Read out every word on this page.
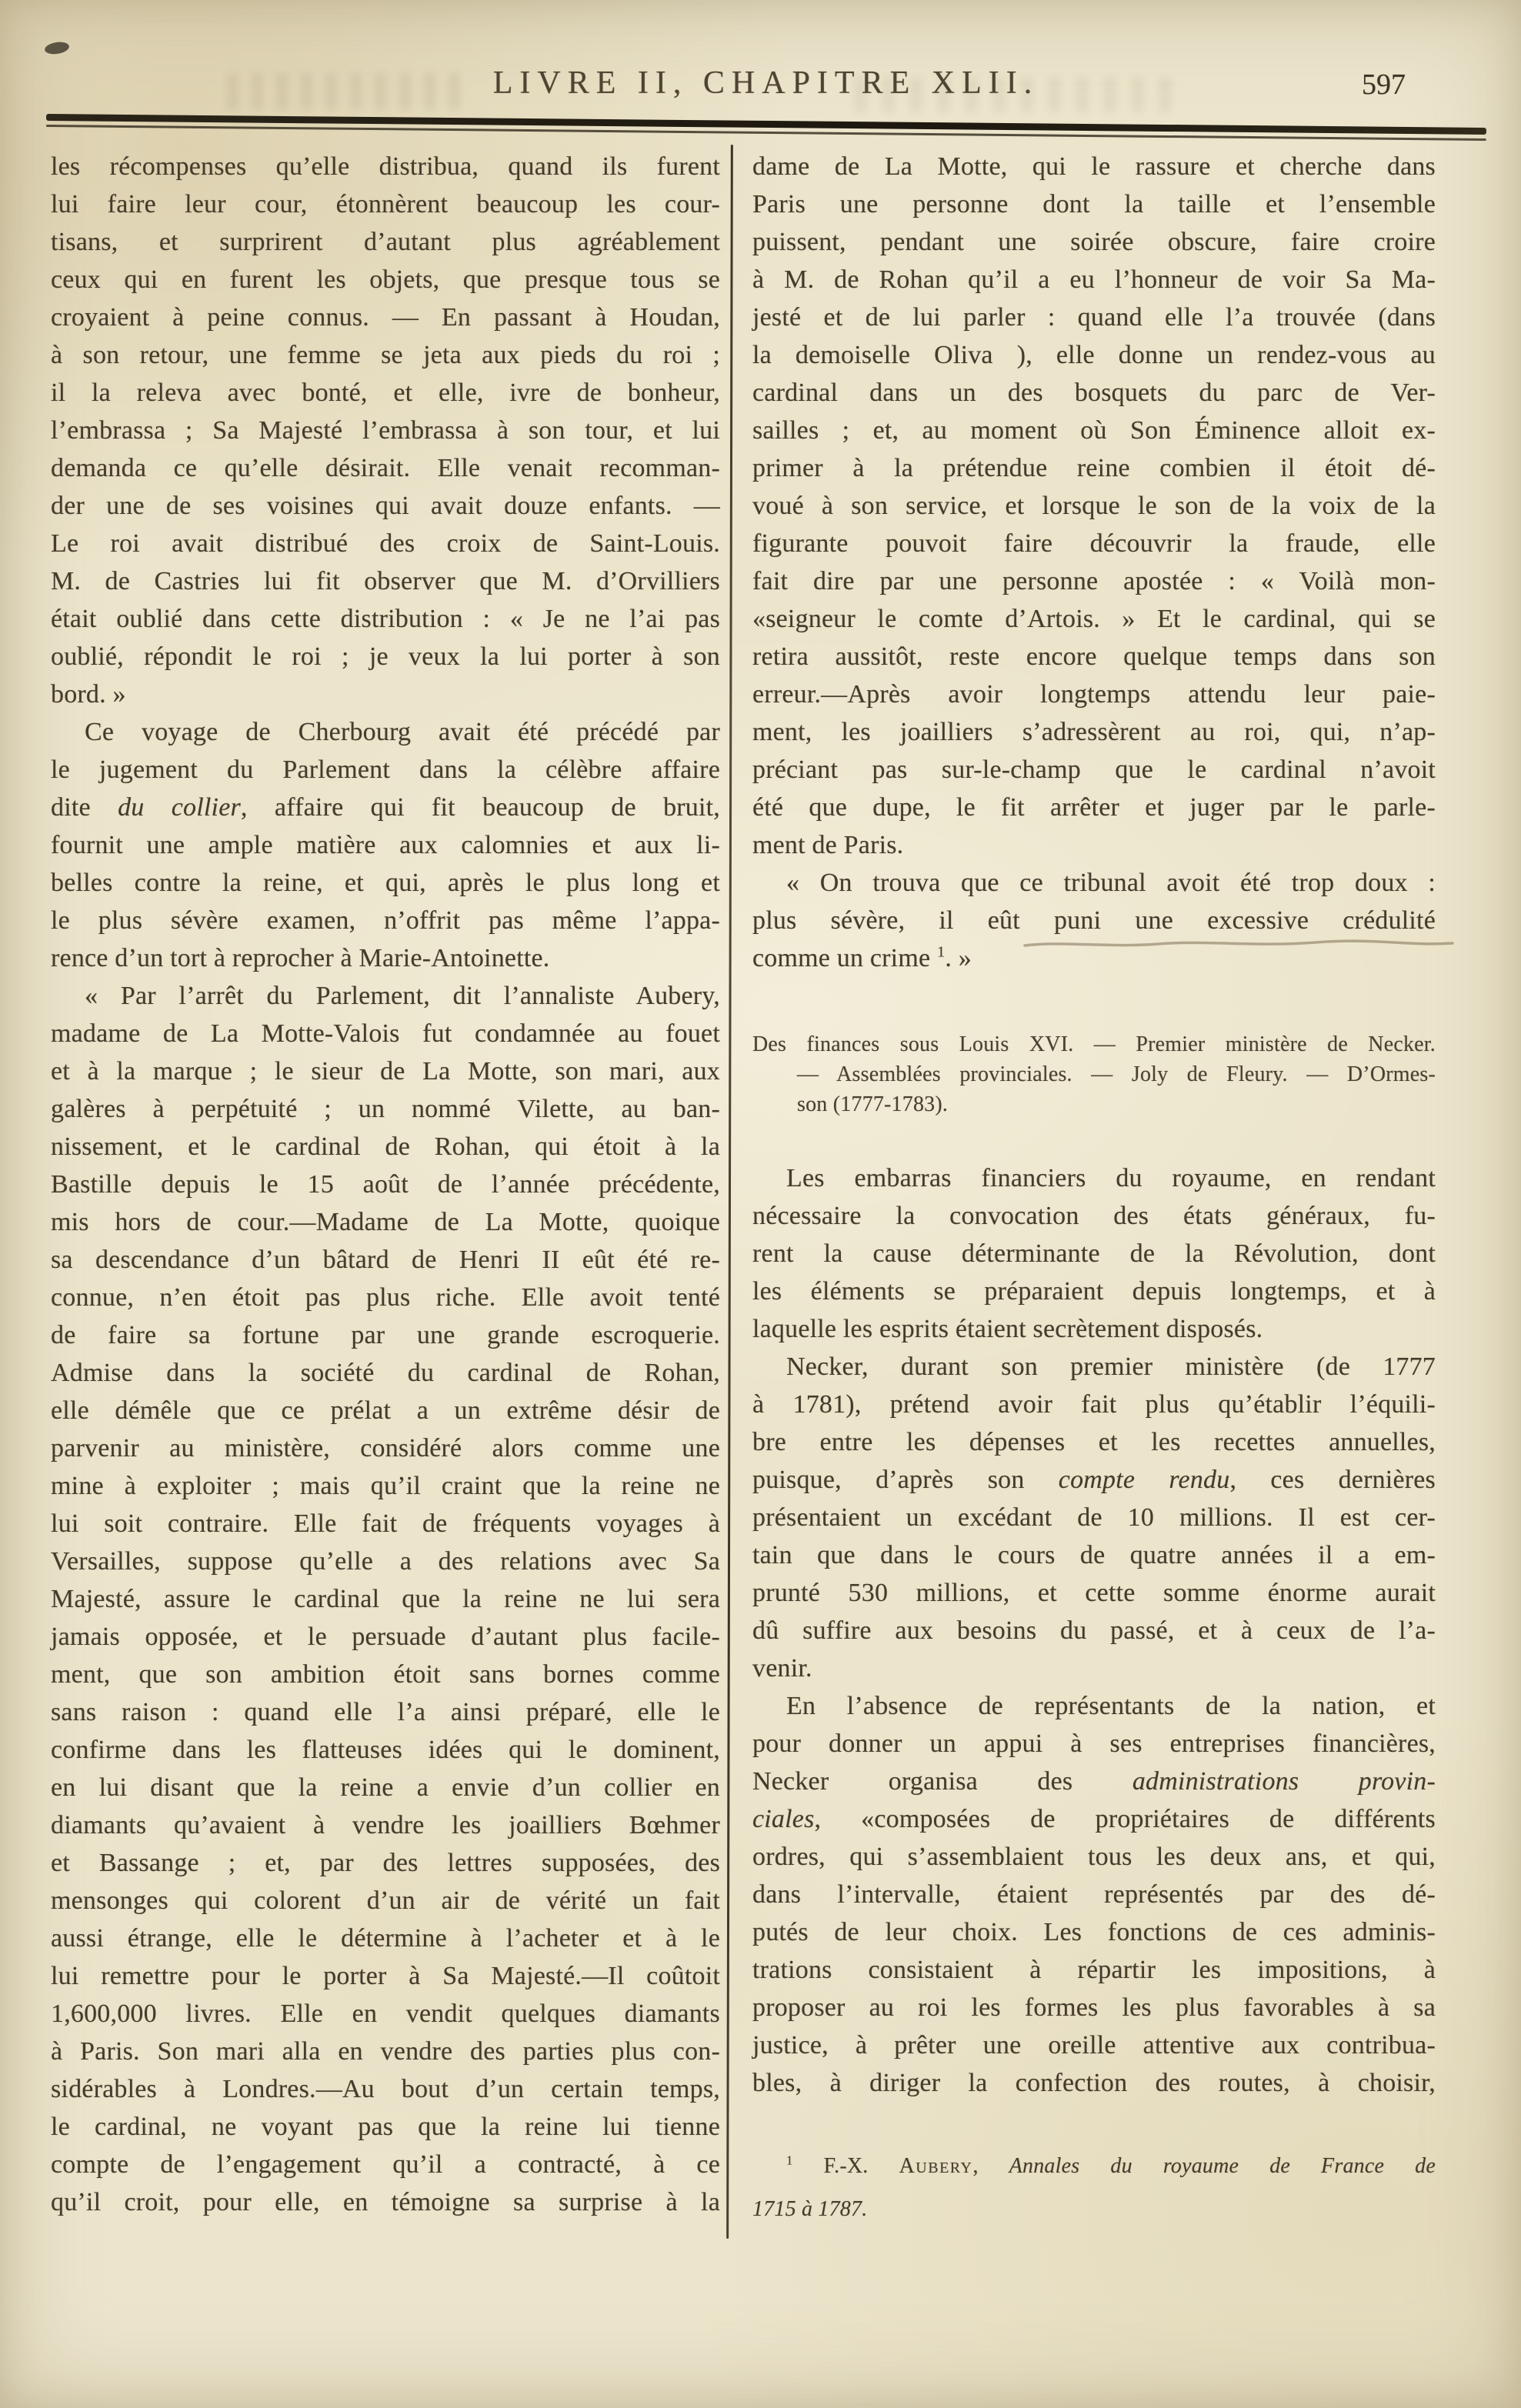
LIVRE II, CHAPITRE XLII.	597
les récompenses qu’elle distribua, quand ils furent
lui faire leur cour, étonnèrent beaucoup les cour-
tisans, et surprirent d’autant plus agréablement
ceux qui en furent les objets, que presque tous se
croyaient à peine connus. — En passant à Houdan,
à son retour, une femme se jeta aux pieds du roi ;
il la releva avec bonté, et elle, ivre de bonheur,
l’embrassa ; Sa Majesté l’embrassa à son tour, et lui
demanda ce qu’elle désirait. Elle venait recomman-
der une de ses voisines qui avait douze enfants. —
Le roi avait distribué des croix de Saint-Louis.
M. de Castries lui fit observer que M. d’Orvilliers
était oublié dans cette distribution : « Je ne l’ai pas
oublié, répondit le roi ; je veux la lui porter à son
bord. »
Ce voyage de Cherbourg avait été précédé par
le jugement du Parlement dans la célèbre affaire
dite du collier, affaire qui fit beaucoup de bruit,
fournit une ample matière aux calomnies et aux li-
belles contre la reine, et qui, après le plus long et
le plus sévère examen, n’offrit pas même l’appa-
rence d’un tort à reprocher à Marie-Antoinette.
« Par l’arrêt du Parlement, dit l’annaliste Aubery,
madame de La Motte-Valois fut condamnée au fouet
et à la marque ; le sieur de La Motte, son mari, aux
galères à perpétuité ; un nommé Vilette, au ban-
nissement, et le cardinal de Rohan, qui étoit à la
Bastille depuis le 15 août de l’année précédente,
mis hors de cour.—Madame de La Motte, quoique
sa descendance d’un bâtard de Henri II eût été re-
connue, n’en étoit pas plus riche. Elle avoit tenté
de faire sa fortune par une grande escroquerie.
Admise dans la société du cardinal de Rohan,
elle démêle que ce prélat a un extrême désir de
parvenir au ministère, considéré alors comme une
mine à exploiter ; mais qu’il craint que la reine ne
lui soit contraire. Elle fait de fréquents voyages à
Versailles, suppose qu’elle a des relations avec Sa
Majesté, assure le cardinal que la reine ne lui sera
jamais opposée, et le persuade d’autant plus facile-
ment, que son ambition étoit sans bornes comme
sans raison : quand elle l’a ainsi préparé, elle le
confirme dans les flatteuses idées qui le dominent,
en lui disant que la reine a envie d’un collier en
diamants qu’avaient à vendre les joailliers Bœhmer
et Bassange ; et, par des lettres supposées, des
mensonges qui colorent d’un air de vérité un fait
aussi étrange, elle le détermine à l’acheter et à le
lui remettre pour le porter à Sa Majesté.—Il coûtoit
1,600,000 livres. Elle en vendit quelques diamants
à Paris. Son mari alla en vendre des parties plus con-
sidérables à Londres.—Au bout d’un certain temps,
le cardinal, ne voyant pas que la reine lui tienne
compte de l’engagement qu’il a contracté, à ce
qu’il croit, pour elle, en témoigne sa surprise à la
dame de La Motte, qui le rassure et cherche dans
Paris une personne dont la taille et l’ensemble
puissent, pendant une soirée obscure, faire croire
à M. de Rohan qu’il a eu l’honneur de voir Sa Ma-
jesté et de lui parler : quand elle l’a trouvée (dans
la demoiselle Oliva ), elle donne un rendez-vous au
cardinal dans un des bosquets du parc de Ver-
sailles ; et, au moment où Son Éminence alloit ex-
primer à la prétendue reine combien il étoit dé-
voué à son service, et lorsque le son de la voix de la
figurante pouvoit faire découvrir la fraude, elle
fait dire par une personne apostée : « Voilà mon-
«seigneur le comte d’Artois. » Et le cardinal, qui se
retira aussitôt, reste encore quelque temps dans son
erreur.—Après avoir longtemps attendu leur paie-
ment, les joailliers s’adressèrent au roi, qui, n’ap-
préciant pas sur-le-champ que le cardinal n’avoit
été que dupe, le fit arrêter et juger par le parle-
ment de Paris.
« On trouva que ce tribunal avoit été trop doux :
plus sévère, il eût puni une excessive crédulité
comme un crime $^1$. »
Des finances sous Louis XVI. — Premier ministère de Necker.
— Assemblées provinciales. — Joly de Fleury. — D’Ormes-
son (1777-1783).
Les embarras financiers du royaume, en rendant
nécessaire la convocation des états généraux, fu-
rent la cause déterminante de la Révolution, dont
les éléments se préparaient depuis longtemps, et à
laquelle les esprits étaient secrètement disposés.
Necker, durant son premier ministère (de 1777
à 1781), prétend avoir fait plus qu’établir l’équili-
bre entre les dépenses et les recettes annuelles,
puisque, d’après son compte rendu, ces dernières
présentaient un excédant de 10 millions. Il est cer-
tain que dans le cours de quatre années il a em-
prunté 530 millions, et cette somme énorme aurait
dû suffire aux besoins du passé, et à ceux de l’a-
venir.
En l’absence de représentants de la nation, et
pour donner un appui à ses entreprises financières,
Necker organisa des administrations provin-
ciales, «composées de propriétaires de différents
ordres, qui s’assemblaient tous les deux ans, et qui,
dans l’intervalle, étaient représentés par des dé-
putés de leur choix. Les fonctions de ces adminis-
trations consistaient à répartir les impositions, à
proposer au roi les formes les plus favorables à sa
justice, à prêter une oreille attentive aux contribua-
bles, à diriger la confection des routes, à choisir,
$^1$ F.-X. Aubery, Annales du royaume de France de
1715 à 1787.
